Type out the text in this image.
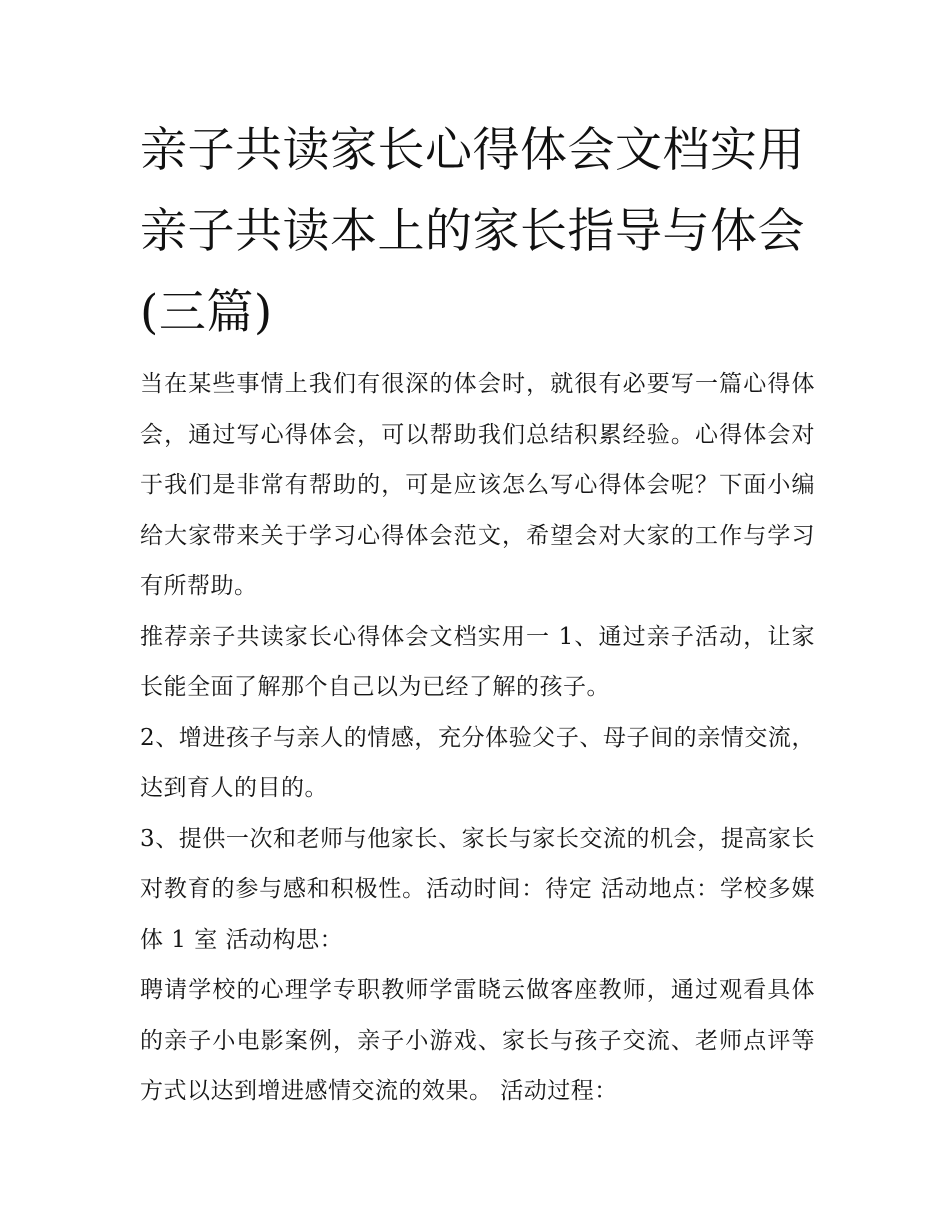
亲子共读家长心得体会文档实用 亲子共读本上的家长指导与体会(三篇)

当在某些事情上我们有很深的体会时，就很有必要写一篇心得体会，通过写心得体会，可以帮助我们总结积累经验。心得体会对于我们是非常有帮助的，可是应该怎么写心得体会呢？下面小编给大家带来关于学习心得体会范文，希望会对大家的工作与学习有所帮助。

推荐亲子共读家长心得体会文档实用一 1、通过亲子活动，让家长能全面了解那个自己以为已经了解的孩子。

2、增进孩子与亲人的情感，充分体验父子、母子间的亲情交流，达到育人的目的。

3、提供一次和老师与他家长、家长与家长交流的机会，提高家长对教育的参与感和积极性。活动时间：待定 活动地点：学校多媒体 1 室 活动构思：

聘请学校的心理学专职教师学雷晓云做客座教师，通过观看具体的亲子小电影案例，亲子小游戏、家长与孩子交流、老师点评等方式以达到增进感情交流的效果。 活动过程：
